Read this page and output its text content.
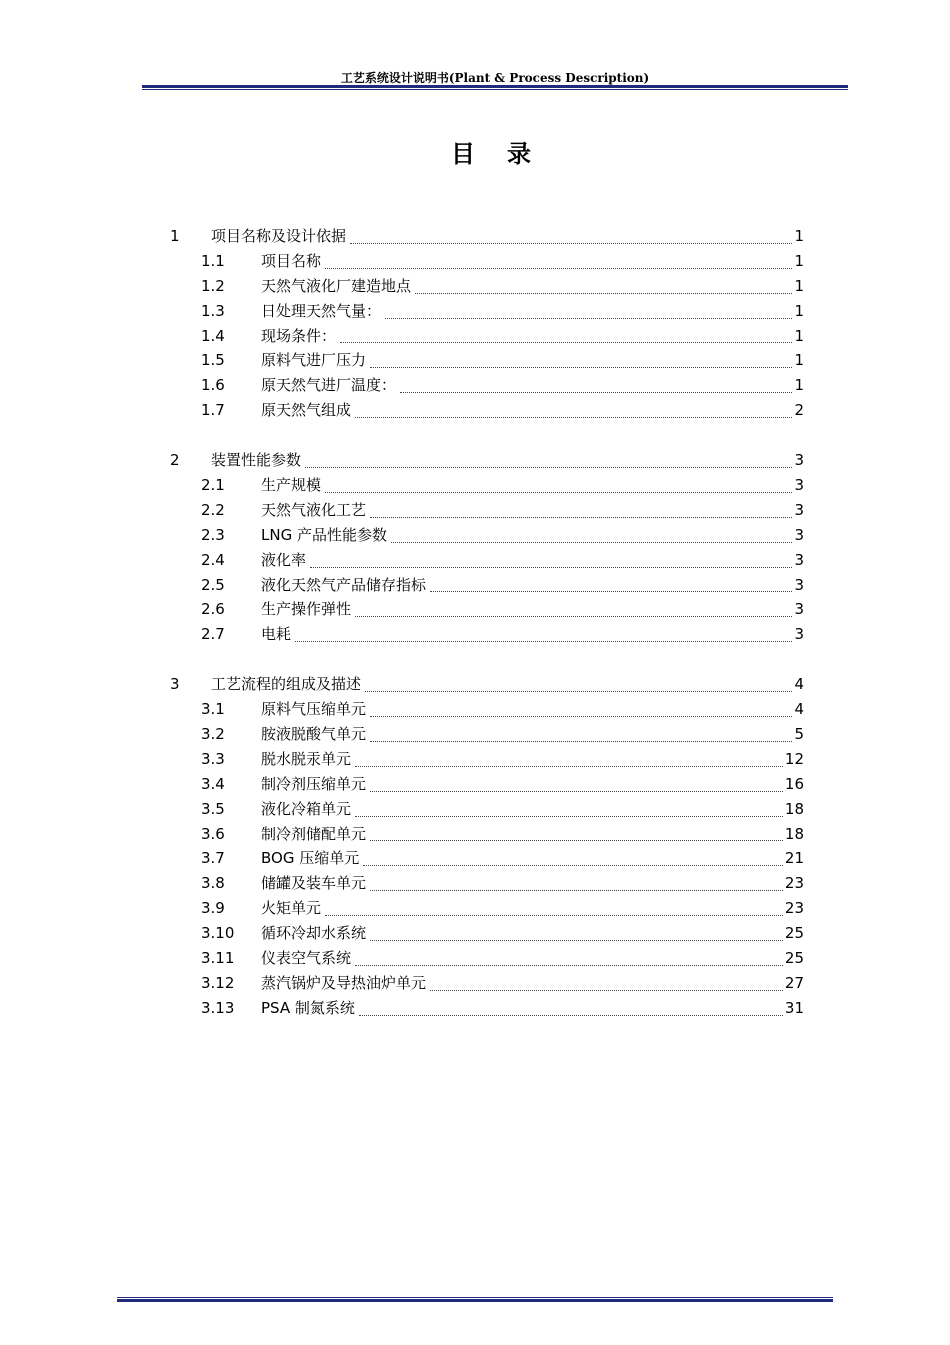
工艺系统设计说明书(Plant & Process Description)
目录
1	项目名称及设计依据	1
1.1	项目名称	1
1.2	天然气液化厂建造地点	1
1.3	日处理天然气量：	1
1.4	现场条件：	1
1.5	原料气进厂压力	1
1.6	原天然气进厂温度：	1
1.7	原天然气组成	2
2	装置性能参数	3
2.1	生产规模	3
2.2	天然气液化工艺	3
2.3	LNG 产品性能参数	3
2.4	液化率	3
2.5	液化天然气产品储存指标	3
2.6	生产操作弹性	3
2.7	电耗	3
3	工艺流程的组成及描述	4
3.1	原料气压缩单元	4
3.2	胺液脱酸气单元	5
3.3	脱水脱汞单元	12
3.4	制冷剂压缩单元	16
3.5	液化冷箱单元	18
3.6	制冷剂储配单元	18
3.7	BOG 压缩单元	21
3.8	储罐及装车单元	23
3.9	火矩单元	23
3.10	循环冷却水系统	25
3.11	仪表空气系统	25
3.12	蒸汽锅炉及导热油炉单元	27
3.13	PSA 制氮系统	31
